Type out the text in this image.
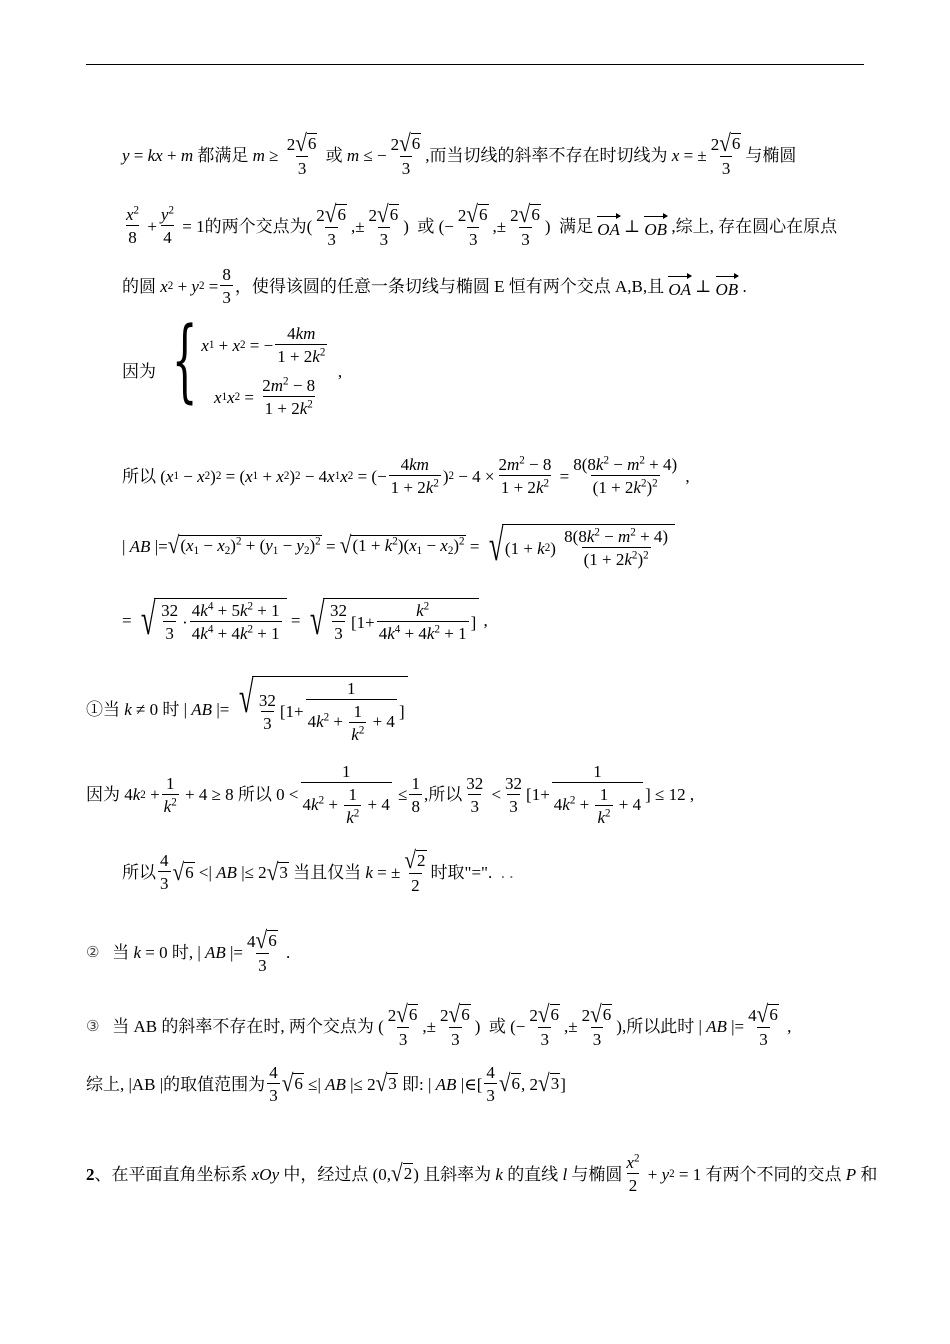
y = kx + m
都满足
$m \ge \frac{2 √ 6}{3}$
或
m ≤ − $\frac{2 √ 6}{3}$ ,而当切线的斜率不存在时切线为
x = ± $\frac{2 √ 6}{3}$ 与椭圆
$\frac{x^2}{8} + \frac{y^2}{4} = 1$ 的两个交点为 ( $\frac{2 √ 6}{3}$ ,± $\frac{2 √ 6}{3}$ ) 或 (− $\frac{2 √ 6}{3}$ ,± $\frac{2 √ 6}{3}$ ) 满足
OA ⊥ OB
,综上, 存在圆心在原点
的圆
x 2 + y $2 = \frac{8}{3}$ ，使得该圆的任意一条切线与椭圆 E 恒有两个交点 A,B,且
OA ⊥ OB .
因为 { x 1 + x 2 = − $\frac{4km}{1 + 2k^2}$

x 1 x $2 = \frac{2m^2 - 8}{1 + 2k^2}$
,
所以 ( x 1 − x 2 ) 2 = ( x 1 + x 2 ) 2 − 4 x 1 x 2 = (− $\frac{4km}{1 + 2k^2}$ ) $2 - 4 \times \frac{2m^2 - 8}{1 + 2k^2} = \frac{8(8k^2 - m^2 + 4)}{(1 + 2k^2)^2}$ ,
| AB |= √ $(x_1 - x_2)^2 + (y_1 - y_2)^2$ = √ $(1 + k^2)(x_1 - x_2)^2$ = √ (1 + k 2 ) $\frac{8(8k^2 - m^2 + 4)}{(1 + 2k^2)^2}$
= √ $\frac{32}{3} \cdot \frac{4k^4 + 5k^2 + 1}{4k^4 + 4k^2 + 1}$ = √ $\frac{32}{3} [1+ \frac{k^2}{4k^4 + 4k^2 + 1}$ ] ,
①当
k ≠ 0 时 | AB |= √ $\frac{32}{3} [1+ \frac{1}{4k^2 + \frac{1}{k^2} + 4}$ ]
因为 4 k $2 + \frac{1}{k^2} + 4 \ge 8$ 所以 $0 < \frac{1}{4k^2 + \frac{1}{k^2} + 4} \le \frac{1}{8}$ ,所以 $\frac{32}{3} < \frac{32}{3} [1+ \frac{1}{4k^2 + \frac{1}{k^2} + 4}$ ] ≤ 12 ,
所以 $\frac{4}{3}$ √ 6 <| AB |≤ 2 √ 3
当且仅当
k = ± $\frac{√ 2}{2}$ 时取"=".
. .
②
当
k = 0 时, | AB |= $\frac{4 √ 6}{3}$ .
③
当 AB 的斜率不存在时, 两个交点为 ( $\frac{2 √ 6}{3}$ ,± $\frac{2 √ 6}{3}$ ) 或 (− $\frac{2 √ 6}{3}$ ,± $\frac{2 √ 6}{3}$ ) ,所以此时 | AB |= $\frac{4 √ 6}{3}$ ,
综上, |AB |的取值范围为 $\frac{4}{3}$ √ 6 ≤| AB |≤ 2 √ 3
即: | AB |∈[ $\frac{4}{3}$ √ 6 , 2 √ 3 ]
2 、在平面直角坐标系
xOy
中，经过点 (0, √ 2 ) 且斜率为
k
的直线
l
与椭圆 $\frac{x^2}{2} + y$ 2 = 1 有两个不同的交点
P
和
